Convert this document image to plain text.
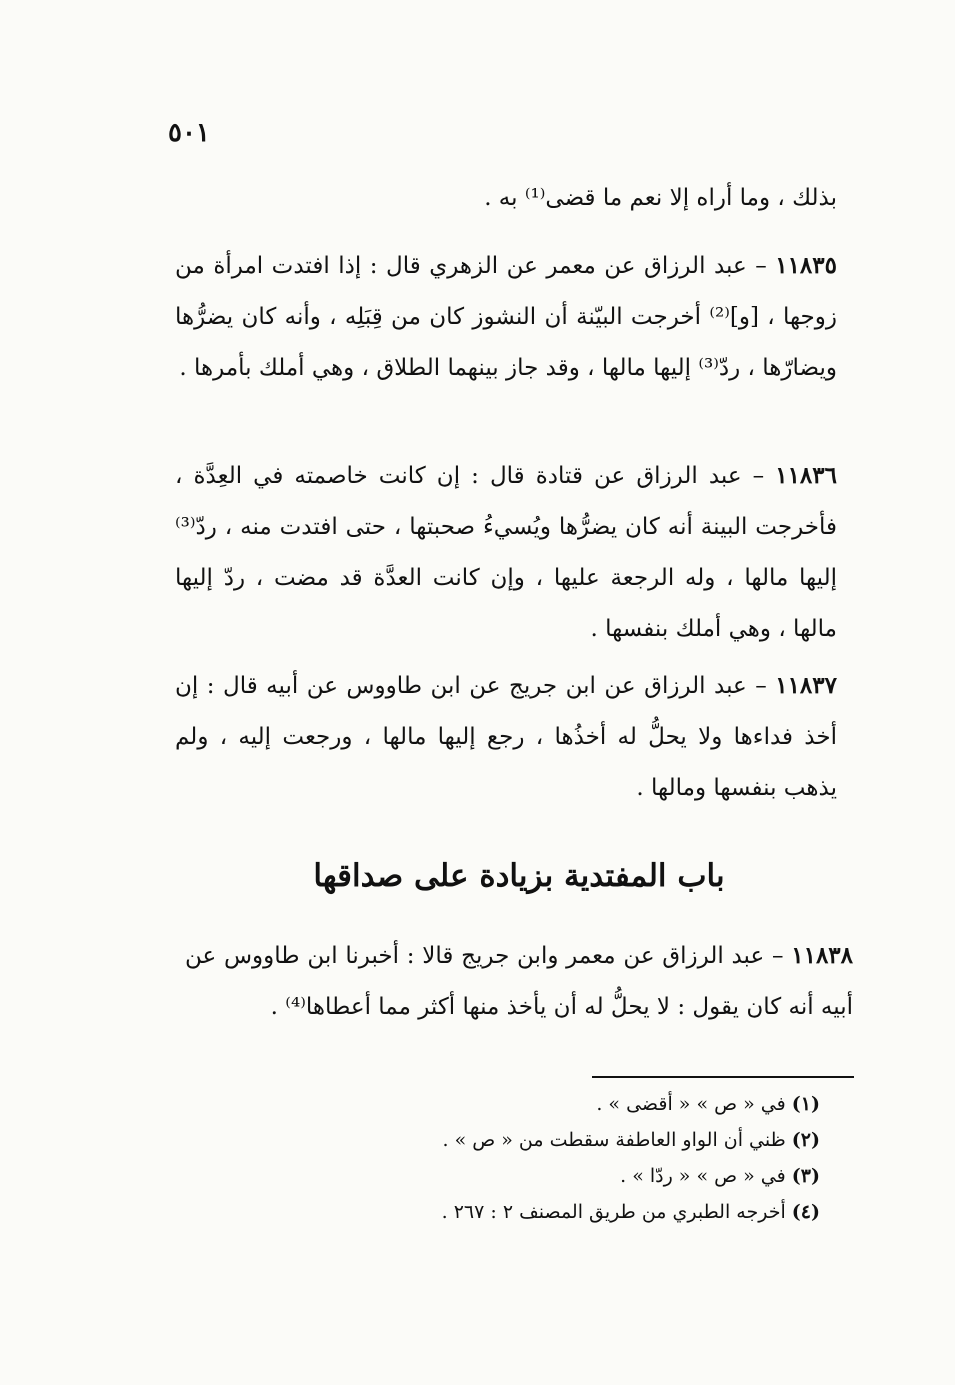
٥٠١

بذلك ، وما أراه إلا نعم ما قضى⁽¹⁾ به .

١١٨٣٥ – عبد الرزاق عن معمر عن الزهري قال : إذا افتدت امرأة من زوجها ، [و]⁽²⁾ أخرجت البيّنة أن النشوز كان من قِبَلِه ، وأنه كان يضرُّها ويضارّها ، ردّ⁽³⁾ إليها مالها ، وقد جاز بينهما الطلاق ، وهي أملك بأمرها .

١١٨٣٦ – عبد الرزاق عن قتادة قال : إن كانت خاصمته في العِدَّة ، فأخرجت البينة أنه كان يضرُّها ويُسيءُ صحبتها ، حتى افتدت منه ، ردّ⁽³⁾ إليها مالها ، وله الرجعة عليها ، وإن كانت العدَّة قد مضت ، ردّ إليها مالها ، وهي أملك بنفسها .

١١٨٣٧ – عبد الرزاق عن ابن جريج عن ابن طاووس عن أبيه قال : إن أخذ فداءها ولا يحلُّ له أخذُها ، رجع إليها مالها ، ورجعت إليه ، ولم يذهب بنفسها ومالها .

باب المفتدية بزيادة على صداقها

١١٨٣٨ – عبد الرزاق عن معمر وابن جريج قالا : أخبرنا ابن طاووس عن أبيه أنه كان يقول : لا يحلُّ له أن يأخذ منها أكثر مما أعطاها⁽⁴⁾ .

(١) في « ص » « أقضى » .
(٢) ظني أن الواو العاطفة سقطت من « ص » .
(٣) في « ص » « ردّا » .
(٤) أخرجه الطبري من طريق المصنف ٢ : ٢٦٧ .
